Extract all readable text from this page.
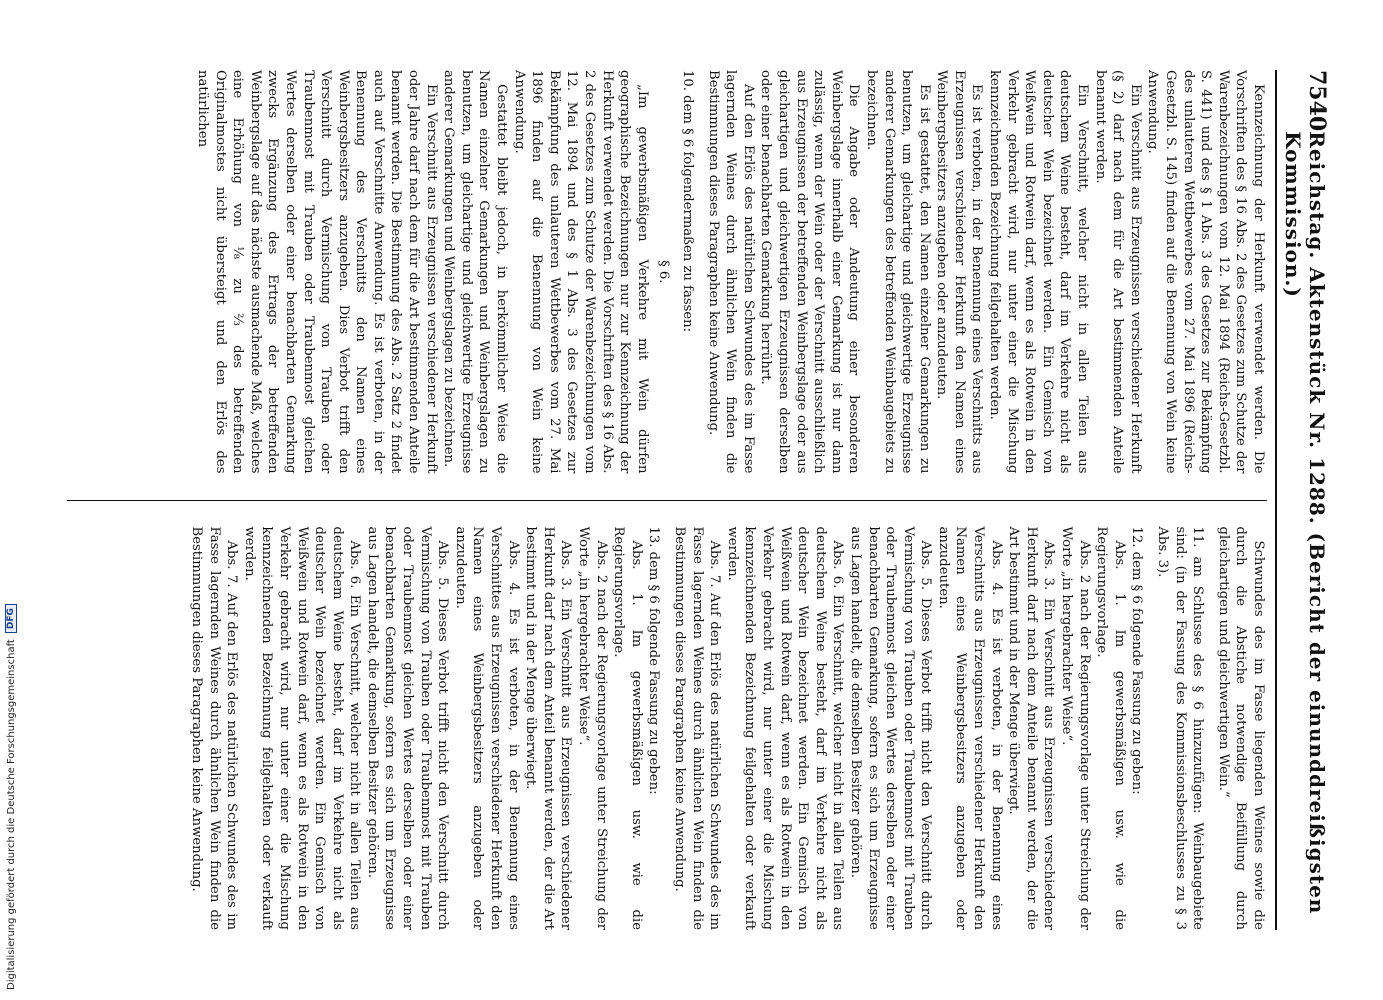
7540
Reichstag. Aktenstück Nr. 1288. (Bericht der einunddreißigsten Kommission.)

Kennzeichnung der Herkunft verwendet werden. Die Vorschriften des § 16 Abs. 2 des Gesetzes zum Schutze der Warenbezeichnungen vom 12. Mai 1894 (Reichs-Gesetzbl. S. 441) und des § 1 Abs. 3 des Gesetzes zur Bekämpfung des unlauteren Wettbewerbes vom 27. Mai 1896 (Reichs-Gesetzbl. S. 145) finden auf die Benennung von Wein keine Anwendung.

Ein Verschnitt aus Erzeugnissen verschiedener Herkunft (§ 2) darf nach dem für die Art bestimmenden Anteile benannt werden.

Ein Verschnitt, welcher nicht in allen Teilen aus deutschem Weine besteht, darf im Verkehre nicht als deutscher Wein bezeichnet werden. Ein Gemisch von Weißwein und Rotwein darf, wenn es als Rotwein in den Verkehr gebracht wird, nur unter einer die Mischung kennzeichnenden Bezeichnung feilgehalten werden.

Es ist verboten, in der Benennung eines Verschnitts aus Erzeugnissen verschiedener Herkunft den Namen eines Weinbergsbesitzers anzugeben oder anzudeuten.

Es ist gestattet, den Namen einzelner Gemarkungen zu benutzen, um gleichartige und gleichwertige Erzeugnisse anderer Gemarkungen des betreffenden Weinbaugebiets zu bezeichnen.

Die Angabe oder Andeutung einer besonderen Weinbergslage innerhalb einer Gemarkung ist nur dann zulässig, wenn der Wein oder der Verschnitt ausschließlich aus Erzeugnissen der betreffenden Weinbergslage oder aus gleichartigen und gleichwertigen Erzeugnissen derselben oder einer benachbarten Gemarkung herrührt.

Auf den Erlös des natürlichen Schwundes des im Fasse lagernden Weines durch ähnlichen Wein finden die Bestimmungen dieses Paragraphen keine Anwendung.

10. dem § 6 folgendermaßen zu fassen:

§ 6.

„Im gewerbsmäßigen Verkehre mit Wein dürfen geographische Bezeichnungen nur zur Kennzeichnung der Herkunft verwendet werden. Die Vorschriften des § 16 Abs. 2 des Gesetzes zum Schutze der Warenbezeichnungen vom 12. Mai 1894 und des § 1 Abs. 3 des Gesetzes zur Bekämpfung des unlauteren Wettbewerbes vom 27. Mai 1896 finden auf die Benennung von Wein keine Anwendung.

Gestattet bleibt jedoch, in herkömmlicher Weise die Namen einzelner Gemarkungen und Weinbergslagen zu benutzen, um gleichartige und gleichwertige Erzeugnisse anderer Gemarkungen und Weinbergslagen zu bezeichnen.

Ein Verschnitt aus Erzeugnissen verschiedener Herkunft oder Jahre darf nach dem für die Art bestimmenden Anteile benannt werden. Die Bestimmung des Abs. 2 Satz 2 findet auch auf Verschnitte Anwendung. Es ist verboten, in der Benennung des Verschnitts den Namen eines Weinbergsbesitzers anzugeben. Dies Verbot trifft den Verschnitt durch Vermischung von Trauben oder Traubenmost mit Trauben oder Traubenmost gleichen Wertes derselben oder einer benachbarten Gemarkung zwecks Ergänzung des Ertrags der betreffenden Weinbergslage auf das nächste ausmachende Maß, welches eine Erhöhung von ⅛ zu ⅔ des betreffenden Originalmostes nicht übersteigt und den Erlös des natürlichen

Schwundes des im Fasse liegenden Weines sowie die durch die Abstiche notwendige Beifüllung durch gleichartigen und gleichwertigen Wein.“

11. am Schlusse des § 6 hinzuzufügen: Weinbaugebiete sind: (in der Fassung des Kommissionsbeschlusses zu § 3 Abs. 3).

12. dem § 6 folgende Fassung zu geben:

Abs. 1. Im gewerbsmäßigen usw. wie die Regierungsvorlage.

Abs. 2 nach der Regierungsvorlage unter Streichung der Worte „in hergebrachter Weise“.

Abs. 3. Ein Verschnitt aus Erzeugnissen verschiedener Herkunft darf nach dem Anteile benannt werden, der die Art bestimmt und in der Menge überwiegt.

Abs. 4. Es ist verboten, in der Benennung eines Verschnitts aus Erzeugnissen verschiedener Herkunft den Namen eines Weinbergsbesitzers anzugeben oder anzudeuten.

Abs. 5. Dieses Verbot trifft nicht den Verschnitt durch Vermischung von Trauben oder Traubenmost mit Trauben oder Traubenmost gleichen Wertes derselben oder einer benachbarten Gemarkung, sofern es sich um Erzeugnisse aus Lagen handelt, die demselben Besitzer gehören.

Abs. 6. Ein Verschnitt, welcher nicht in allen Teilen aus deutschem Weine besteht, darf im Verkehre nicht als deutscher Wein bezeichnet werden. Ein Gemisch von Weißwein und Rotwein darf, wenn es als Rotwein in den Verkehr gebracht wird, nur unter einer die Mischung kennzeichnenden Bezeichnung feilgehalten oder verkauft werden.

Abs. 7. Auf den Erlös des natürlichen Schwundes des im Fasse lagernden Weines durch ähnlichen Wein finden die Bestimmungen dieses Paragraphen keine Anwendung.

13. dem § 6 folgende Fassung zu geben:

Abs. 1. Im gewerbsmäßigen usw. wie die Regierungsvorlage.

Abs. 2 nach der Regierungsvorlage unter Streichung der Worte „in hergebrachter Weise“.

Abs. 3. Ein Verschnitt aus Erzeugnissen verschiedener Herkunft darf nach dem Anteil benannt werden, der die Art bestimmt und in der Menge überwiegt.

Abs. 4. Es ist verboten, in der Benennung eines Verschnittes aus Erzeugnissen verschiedener Herkunft den Namen eines Weinbergsbesitzers anzugeben oder anzudeuten.

Abs. 5. Dieses Verbot trifft nicht den Verschnitt durch Vermischung von Trauben oder Traubenmost mit Trauben oder Traubenmost gleichen Wertes derselben oder einer benachbarten Gemarkung, sofern es sich um Erzeugnisse aus Lagen handelt, die demselben Besitzer gehören.

Abs. 6. Ein Verschnitt, welcher nicht in allen Teilen aus deutschem Weine besteht, darf im Verkehre nicht als deutscher Wein bezeichnet werden. Ein Gemisch von Weißwein und Rotwein darf, wenn es als Rotwein in den Verkehr gebracht wird, nur unter einer die Mischung kennzeichnenden Bezeichnung feilgehalten oder verkauft werden.

Abs. 7. Auf den Erlös des natürlichen Schwundes des im Fasse lagernden Weines durch ähnlichen Wein finden die Bestimmungen dieses Paragraphen keine Anwendung.

Digitalisierung gefördert durch die Deutsche Forschungsgemeinschaft
DFG
